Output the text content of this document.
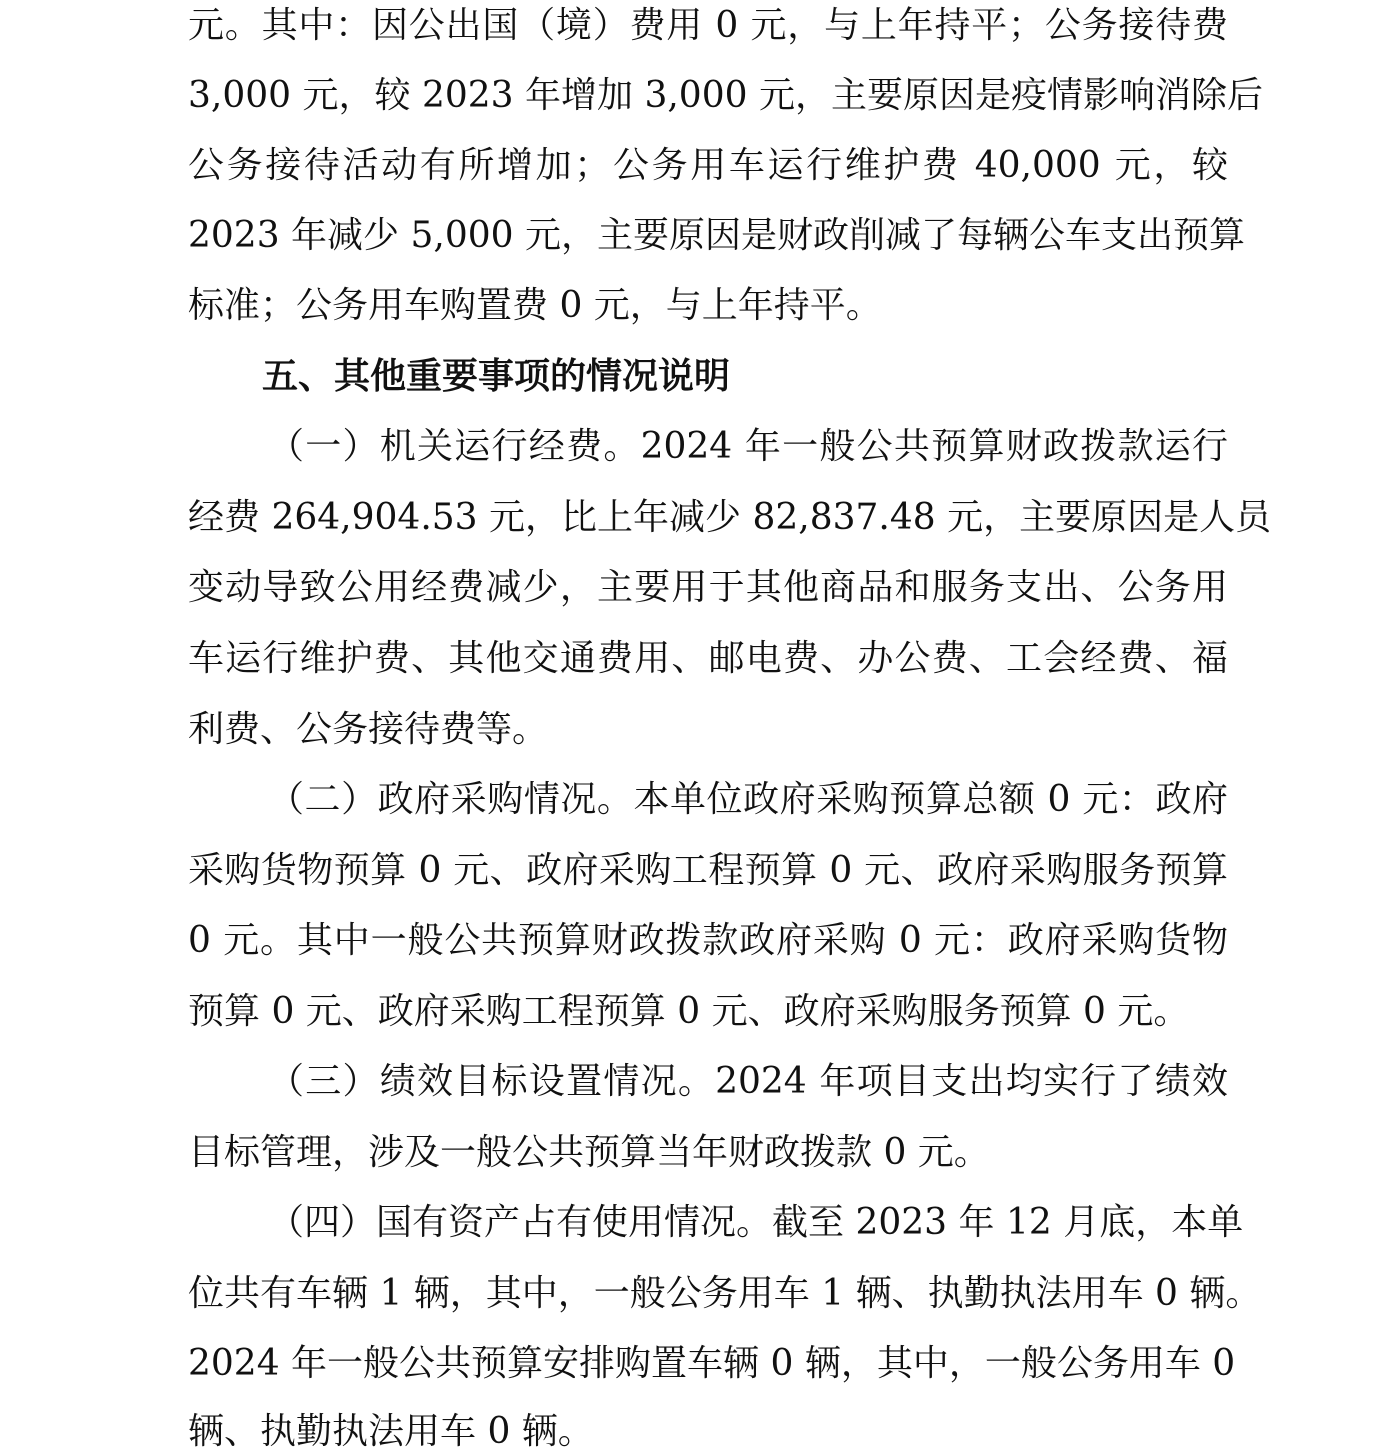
元。其中：因公出国（境）费用 0 元，与上年持平；公务接待费
3,000 元，较 2023 年增加 3,000 元，主要原因是疫情影响消除后
公务接待活动有所增加；公务用车运行维护费 40,000 元，较
2023 年减少 5,000 元，主要原因是财政削减了每辆公车支出预算
标准；公务用车购置费 0 元，与上年持平。
五、其他重要事项的情况说明
（一）机关运行经费。2024 年一般公共预算财政拨款运行
经费 264,904.53 元，比上年减少 82,837.48 元，主要原因是人员
变动导致公用经费减少，主要用于其他商品和服务支出、公务用
车运行维护费、其他交通费用、邮电费、办公费、工会经费、福
利费、公务接待费等。
（二）政府采购情况。本单位政府采购预算总额 0 元：政府
采购货物预算 0 元、政府采购工程预算 0 元、政府采购服务预算
0 元。其中一般公共预算财政拨款政府采购 0 元：政府采购货物
预算 0 元、政府采购工程预算 0 元、政府采购服务预算 0 元。
（三）绩效目标设置情况。2024 年项目支出均实行了绩效
目标管理，涉及一般公共预算当年财政拨款 0 元。
（四）国有资产占有使用情况。截至 2023 年 12 月底，本单
位共有车辆 1 辆，其中，一般公务用车 1 辆、执勤执法用车 0 辆。
2024 年一般公共预算安排购置车辆 0 辆，其中，一般公务用车 0
辆、执勤执法用车 0 辆。
